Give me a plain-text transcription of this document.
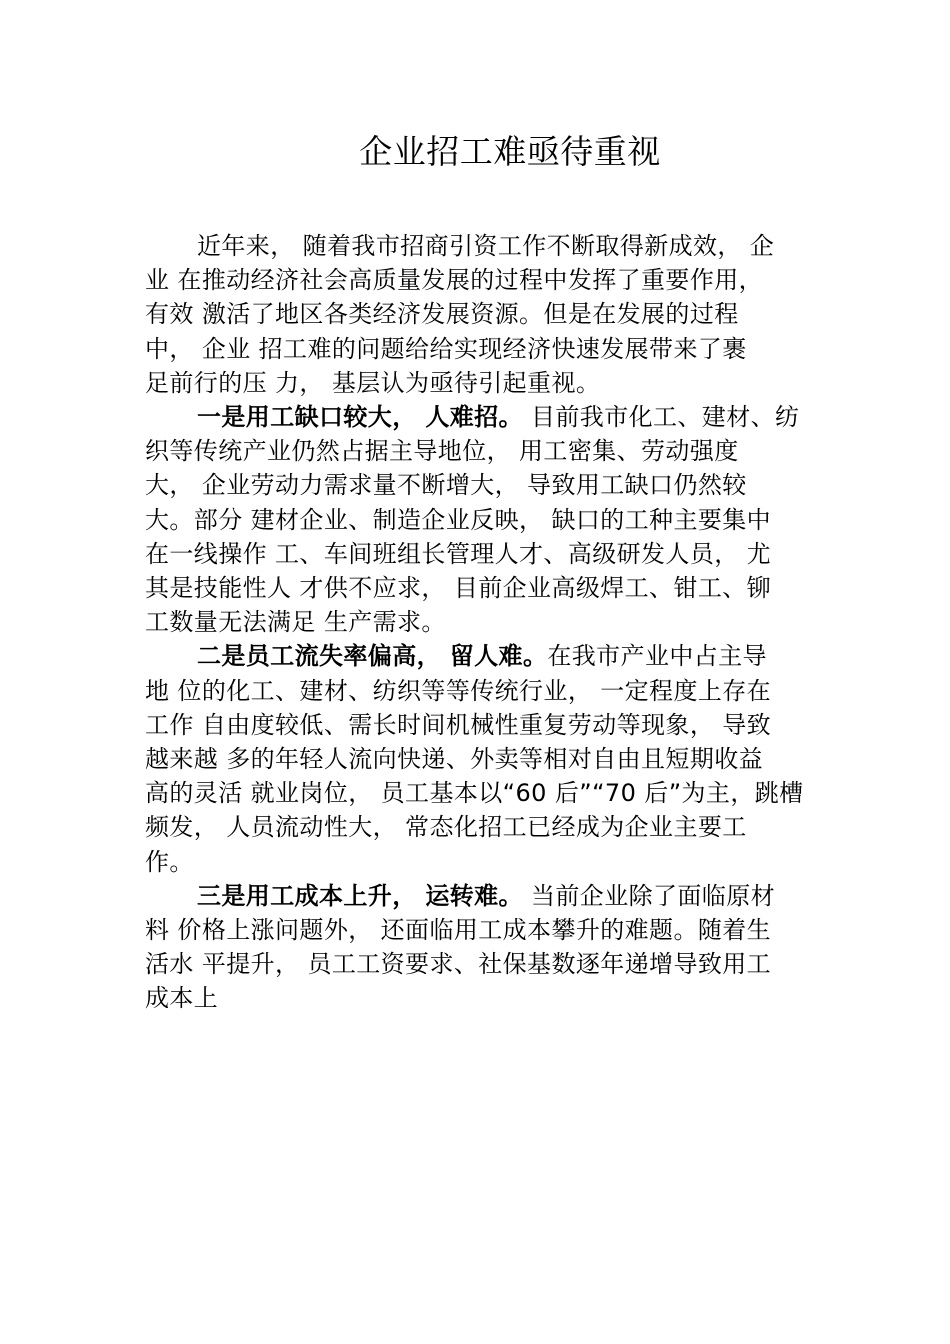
企业招工难亟待重视

近年来， 随着我市招商引资工作不断取得新成效， 企
业 在推动经济社会高质量发展的过程中发挥了重要作用，
有效 激活了地区各类经济发展资源。但是在发展的过程
中， 企业 招工难的问题给给实现经济快速发展带来了裹
足前行的压 力， 基层认为亟待引起重视。

一是用工缺口较大， 人难招。 目前我市化工、建材、纺
织等传统产业仍然占据主导地位， 用工密集、劳动强度
大， 企业劳动力需求量不断增大， 导致用工缺口仍然较
大。部分 建材企业、制造企业反映， 缺口的工种主要集中
在一线操作 工、车间班组长管理人才、高级研发人员， 尤
其是技能性人 才供不应求， 目前企业高级焊工、钳工、铆
工数量无法满足 生产需求。

二是员工流失率偏高， 留人难。在我市产业中占主导
地 位的化工、建材、纺织等等传统行业， 一定程度上存在
工作 自由度较低、需长时间机械性重复劳动等现象， 导致
越来越 多的年轻人流向快递、外卖等相对自由且短期收益
高的灵活 就业岗位， 员工基本以“60 后”“70 后”为主，跳槽
频发， 人员流动性大， 常态化招工已经成为企业主要工
作。

三是用工成本上升， 运转难。 当前企业除了面临原材
料 价格上涨问题外， 还面临用工成本攀升的难题。随着生
活水 平提升， 员工工资要求、社保基数逐年递增导致用工
成本上
